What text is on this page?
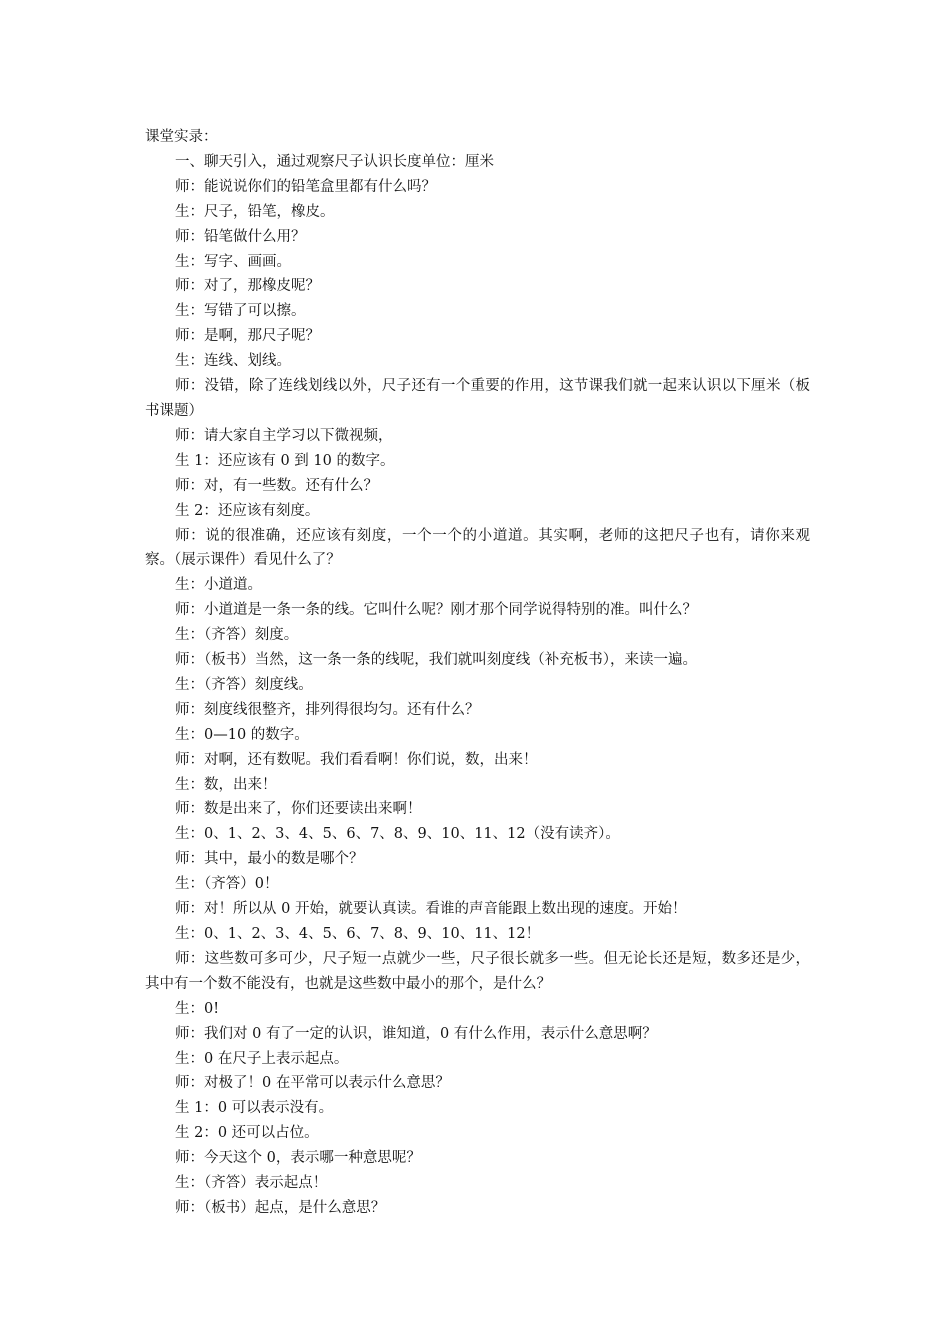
课堂实录：

一、聊天引入，通过观察尺子认识长度单位：厘米

师：能说说你们的铅笔盒里都有什么吗？

生：尺子，铅笔，橡皮。

师：铅笔做什么用？

生：写字、画画。

师：对了，那橡皮呢？

生：写错了可以擦。

师：是啊，那尺子呢？

生：连线、划线。

师：没错，除了连线划线以外，尺子还有一个重要的作用，这节课我们就一起来认识以下厘米（板书课题）

师：请大家自主学习以下微视频，

生 1：还应该有 0 到 10 的数字。

师：对，有一些数。还有什么？

生 2：还应该有刻度。

师：说的很准确，还应该有刻度，一个一个的小道道。其实啊，老师的这把尺子也有，请你来观察。（展示课件）看见什么了？

生：小道道。

师：小道道是一条一条的线。它叫什么呢？刚才那个同学说得特别的准。叫什么？

生：（齐答）刻度。

师：（板书）当然，这一条一条的线呢，我们就叫刻度线（补充板书），来读一遍。

生：（齐答）刻度线。

师：刻度线很整齐，排列得很均匀。还有什么？

生：0—10 的数字。

师：对啊，还有数呢。我们看看啊！你们说，数，出来！

生：数，出来！

师：数是出来了，你们还要读出来啊！

生：0、1、2、3、4、5、6、7、8、9、10、11、12（没有读齐）。

师：其中，最小的数是哪个？

生：（齐答）0！

师：对！所以从 0 开始，就要认真读。看谁的声音能跟上数出现的速度。开始！

生：0、1、2、3、4、5、6、7、8、9、10、11、12！

师：这些数可多可少，尺子短一点就少一些，尺子很长就多一些。但无论长还是短，数多还是少，其中有一个数不能没有，也就是这些数中最小的那个，是什么？

生：0!

师：我们对 0 有了一定的认识，谁知道，0 有什么作用，表示什么意思啊？

生：0 在尺子上表示起点。

师：对极了！0 在平常可以表示什么意思？

生 1：0 可以表示没有。

生 2：0 还可以占位。

师：今天这个 0，表示哪一种意思呢？

生：（齐答）表示起点！

师：（板书）起点，是什么意思？
